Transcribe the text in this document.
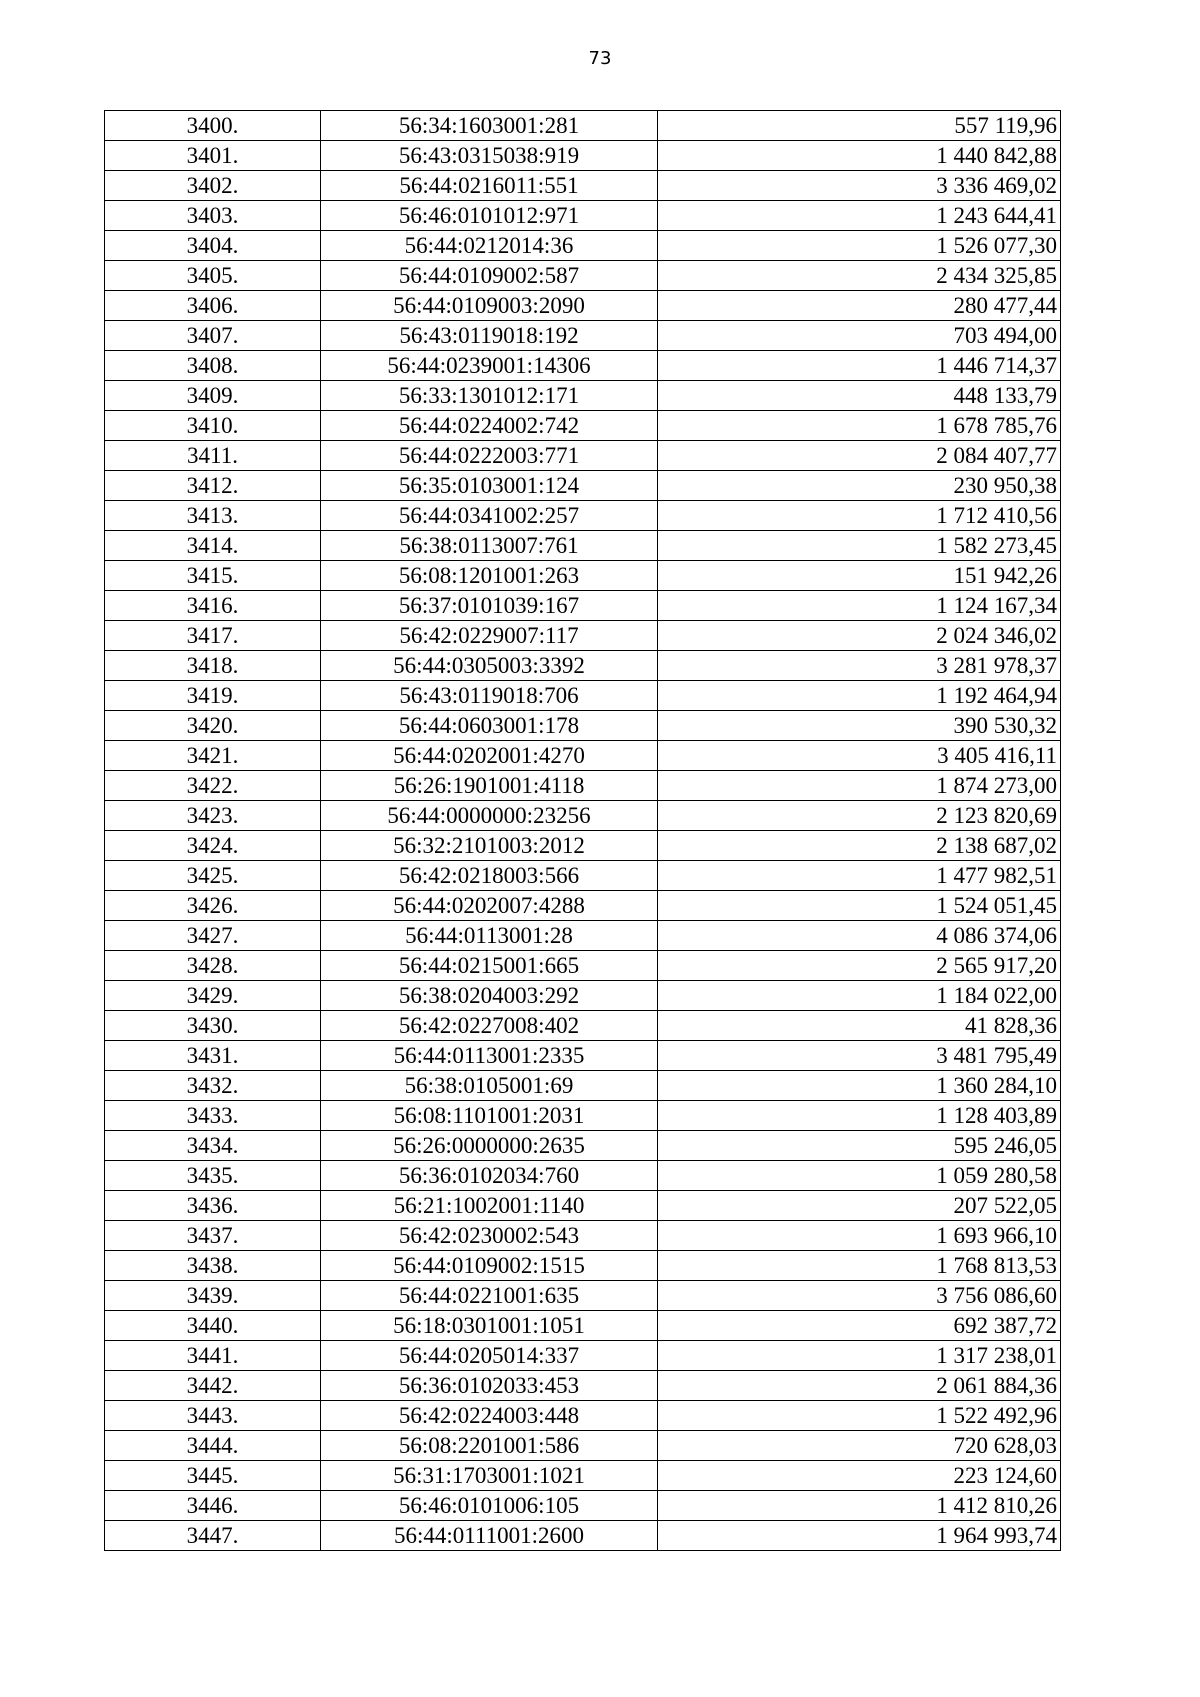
73
3400.	56:34:1603001:281	557 119,96
3401.	56:43:0315038:919	1 440 842,88
3402.	56:44:0216011:551	3 336 469,02
3403.	56:46:0101012:971	1 243 644,41
3404.	56:44:0212014:36	1 526 077,30
3405.	56:44:0109002:587	2 434 325,85
3406.	56:44:0109003:2090	280 477,44
3407.	56:43:0119018:192	703 494,00
3408.	56:44:0239001:14306	1 446 714,37
3409.	56:33:1301012:171	448 133,79
3410.	56:44:0224002:742	1 678 785,76
3411.	56:44:0222003:771	2 084 407,77
3412.	56:35:0103001:124	230 950,38
3413.	56:44:0341002:257	1 712 410,56
3414.	56:38:0113007:761	1 582 273,45
3415.	56:08:1201001:263	151 942,26
3416.	56:37:0101039:167	1 124 167,34
3417.	56:42:0229007:117	2 024 346,02
3418.	56:44:0305003:3392	3 281 978,37
3419.	56:43:0119018:706	1 192 464,94
3420.	56:44:0603001:178	390 530,32
3421.	56:44:0202001:4270	3 405 416,11
3422.	56:26:1901001:4118	1 874 273,00
3423.	56:44:0000000:23256	2 123 820,69
3424.	56:32:2101003:2012	2 138 687,02
3425.	56:42:0218003:566	1 477 982,51
3426.	56:44:0202007:4288	1 524 051,45
3427.	56:44:0113001:28	4 086 374,06
3428.	56:44:0215001:665	2 565 917,20
3429.	56:38:0204003:292	1 184 022,00
3430.	56:42:0227008:402	41 828,36
3431.	56:44:0113001:2335	3 481 795,49
3432.	56:38:0105001:69	1 360 284,10
3433.	56:08:1101001:2031	1 128 403,89
3434.	56:26:0000000:2635	595 246,05
3435.	56:36:0102034:760	1 059 280,58
3436.	56:21:1002001:1140	207 522,05
3437.	56:42:0230002:543	1 693 966,10
3438.	56:44:0109002:1515	1 768 813,53
3439.	56:44:0221001:635	3 756 086,60
3440.	56:18:0301001:1051	692 387,72
3441.	56:44:0205014:337	1 317 238,01
3442.	56:36:0102033:453	2 061 884,36
3443.	56:42:0224003:448	1 522 492,96
3444.	56:08:2201001:586	720 628,03
3445.	56:31:1703001:1021	223 124,60
3446.	56:46:0101006:105	1 412 810,26
3447.	56:44:0111001:2600	1 964 993,74
